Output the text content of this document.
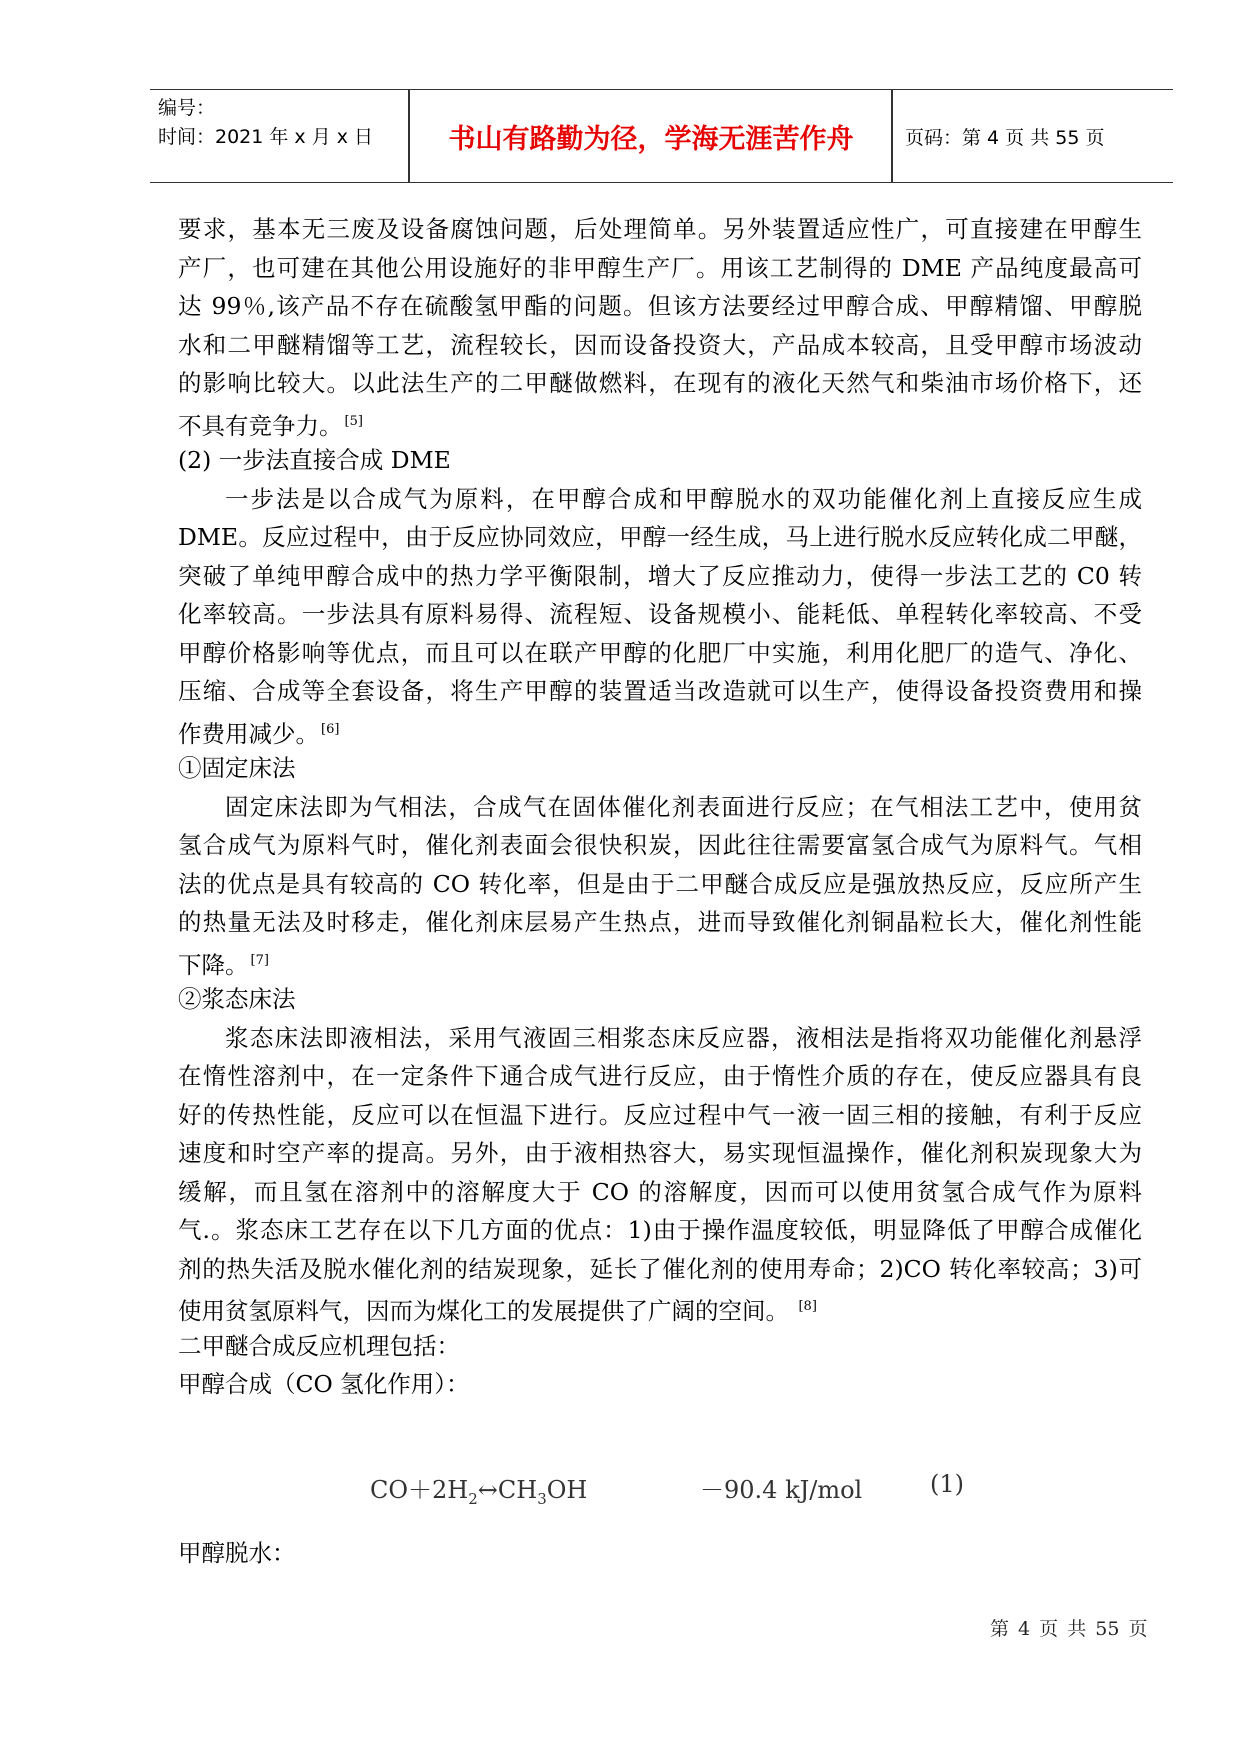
编号：
时间：2021 年 x 月 x 日	书山有路勤为径，学海无涯苦作舟	页码：第 4 页 共 55 页
要求，基本无三废及设备腐蚀问题，后处理简单。另外装置适应性广，可直接建在甲醇生
产厂，也可建在其他公用设施好的非甲醇生产厂。用该工艺制得的 DME 产品纯度最高可
达 99％,该产品不存在硫酸氢甲酯的问题。但该方法要经过甲醇合成、甲醇精馏、甲醇脱
水和二甲醚精馏等工艺，流程较长，因而设备投资大，产品成本较高，且受甲醇市场波动
的影响比较大。以此法生产的二甲醚做燃料，在现有的液化天然气和柴油市场价格下，还
不具有竞争力。 [5]
(2) 一步法直接合成 DME
一步法是以合成气为原料，在甲醇合成和甲醇脱水的双功能催化剂上直接反应生成
DME。反应过程中，由于反应协同效应，甲醇一经生成，马上进行脱水反应转化成二甲醚，
突破了单纯甲醇合成中的热力学平衡限制，增大了反应推动力，使得一步法工艺的 C0 转
化率较高。一步法具有原料易得、流程短、设备规模小、能耗低、单程转化率较高、不受
甲醇价格影响等优点，而且可以在联产甲醇的化肥厂中实施，利用化肥厂的造气、净化、
压缩、合成等全套设备，将生产甲醇的装置适当改造就可以生产，使得设备投资费用和操
作费用减少。 [6]
①固定床法
固定床法即为气相法，合成气在固体催化剂表面进行反应；在气相法工艺中，使用贫
氢合成气为原料气时，催化剂表面会很快积炭，因此往往需要富氢合成气为原料气。气相
法的优点是具有较高的 CO 转化率，但是由于二甲醚合成反应是强放热反应，反应所产生
的热量无法及时移走，催化剂床层易产生热点，进而导致催化剂铜晶粒长大，催化剂性能
下降。 [7]
②浆态床法
浆态床法即液相法，采用气液固三相浆态床反应器，液相法是指将双功能催化剂悬浮
在惰性溶剂中，在一定条件下通合成气进行反应，由于惰性介质的存在，使反应器具有良
好的传热性能，反应可以在恒温下进行。反应过程中气一液一固三相的接触，有利于反应
速度和时空产率的提高。另外，由于液相热容大，易实现恒温操作，催化剂积炭现象大为
缓解，而且氢在溶剂中的溶解度大于 CO 的溶解度，因而可以使用贫氢合成气作为原料
气.。浆态床工艺存在以下几方面的优点：1)由于操作温度较低，明显降低了甲醇合成催化
剂的热失活及脱水催化剂的结炭现象，延长了催化剂的使用寿命；2)CO 转化率较高；3)可
使用贫氢原料气，因而为煤化工的发展提供了广阔的空间。 [8]
二甲醚合成反应机理包括：
甲醇合成（CO 氢化作用）：
$CO+2H_2\leftrightarrow CH_3OH$	－90.4 kJ/mol	(1)
甲醇脱水：
第 4 页 共 55 页
